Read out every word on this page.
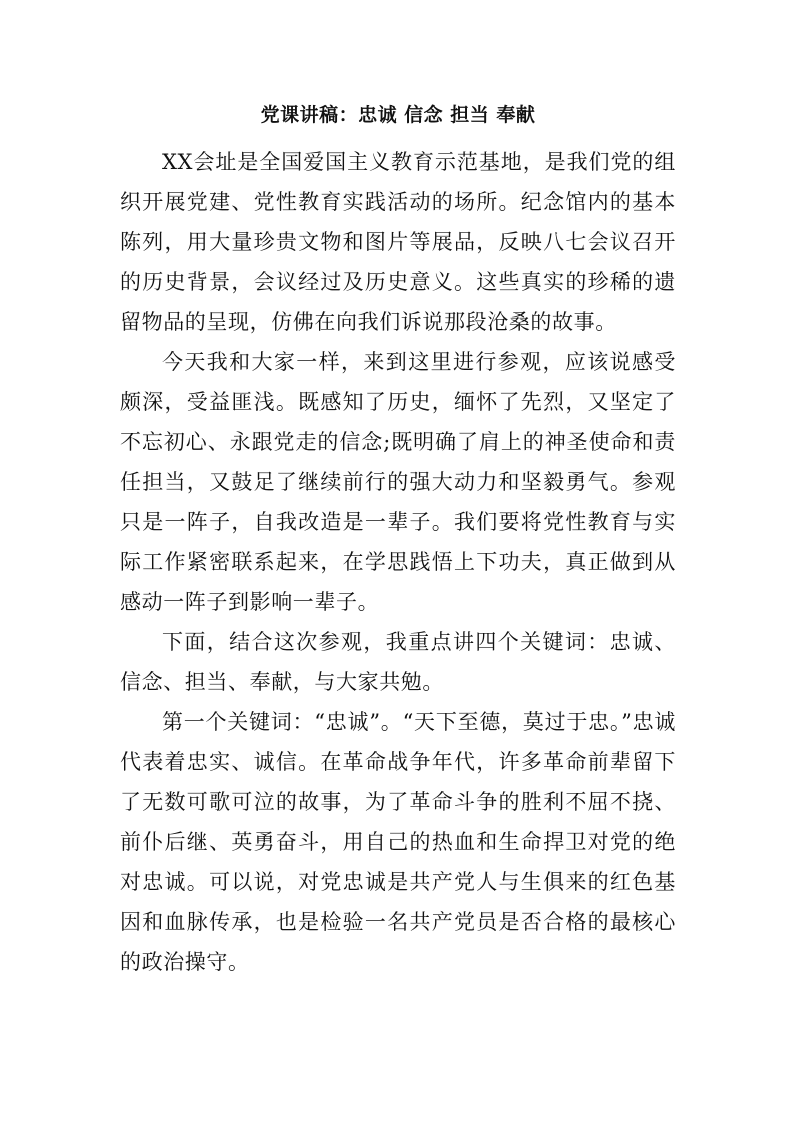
党课讲稿：忠诚 信念 担当 奉献

XX会址是全国爱国主义教育示范基地，是我们党的组织开展党建、党性教育实践活动的场所。纪念馆内的基本陈列，用大量珍贵文物和图片等展品，反映八七会议召开的历史背景，会议经过及历史意义。这些真实的珍稀的遗留物品的呈现，仿佛在向我们诉说那段沧桑的故事。

今天我和大家一样，来到这里进行参观，应该说感受颇深，受益匪浅。既感知了历史，缅怀了先烈，又坚定了不忘初心、永跟党走的信念;既明确了肩上的神圣使命和责任担当，又鼓足了继续前行的强大动力和坚毅勇气。参观只是一阵子，自我改造是一辈子。我们要将党性教育与实际工作紧密联系起来，在学思践悟上下功夫，真正做到从感动一阵子到影响一辈子。

下面，结合这次参观，我重点讲四个关键词：忠诚、信念、担当、奉献，与大家共勉。

第一个关键词：“忠诚”。“天下至德，莫过于忠。”忠诚代表着忠实、诚信。在革命战争年代，许多革命前辈留下了无数可歌可泣的故事，为了革命斗争的胜利不屈不挠、前仆后继、英勇奋斗，用自己的热血和生命捍卫对党的绝对忠诚。可以说，对党忠诚是共产党人与生俱来的红色基因和血脉传承，也是检验一名共产党员是否合格的最核心的政治操守。
